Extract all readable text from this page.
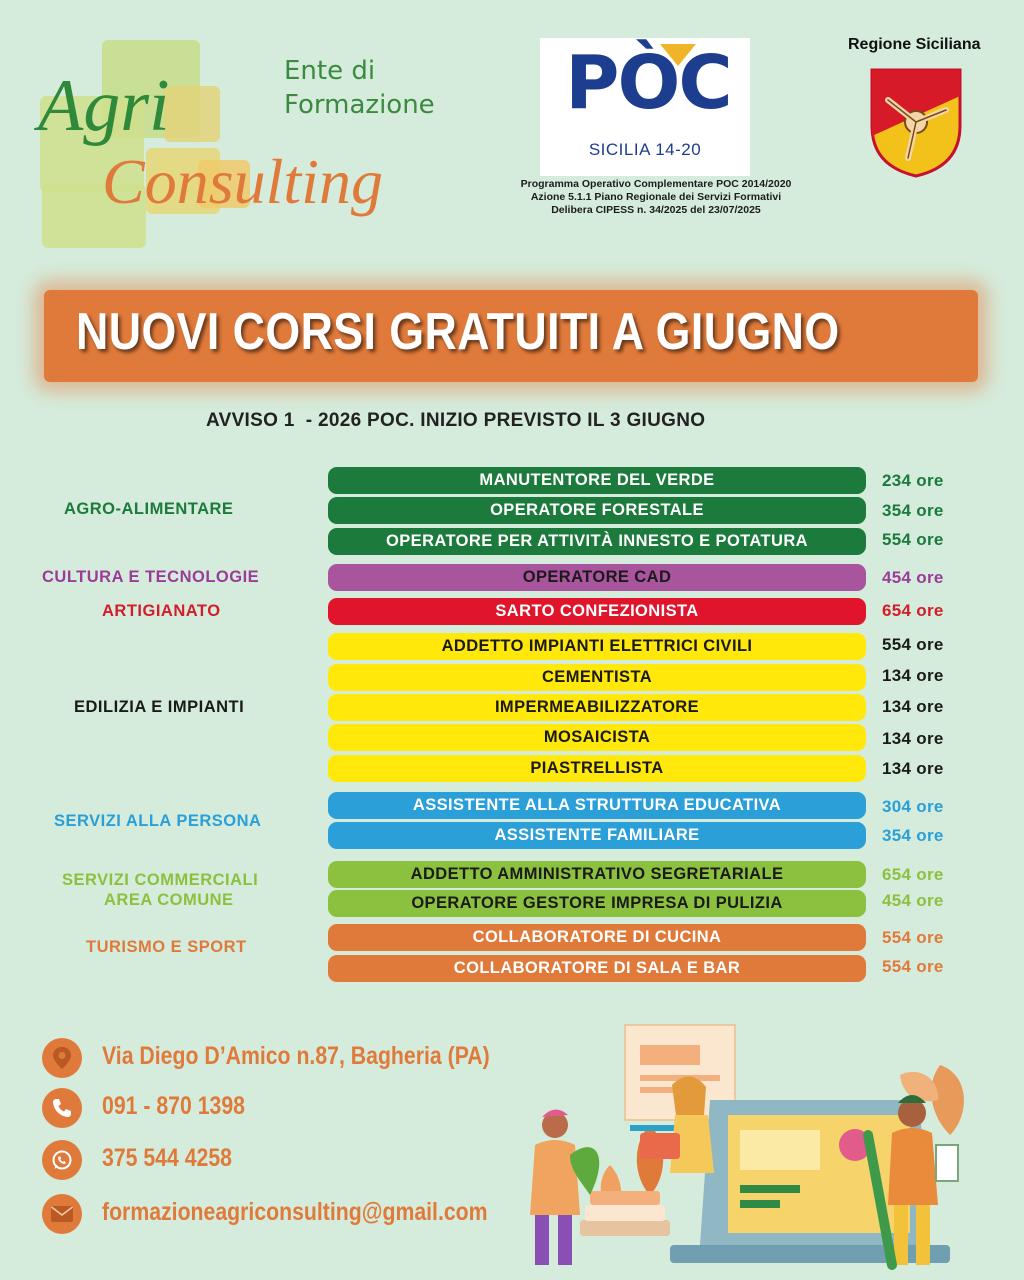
Agri
Consulting
Ente di
Formazione PÒC
SICILIA 14-20
Programma Operativo Complementare POC 2014/2020
Azione 5.1.1 Piano Regionale dei Servizi Formativi
Delibera CIPESS n. 34/2025 del 23/07/2025
Regione Siciliana
NUOVI CORSI GRATUITI A GIUGNO
AVVISO 1  - 2026 POC. INIZIO PREVISTO IL 3 GIUGNO
AGRO-ALIMENTARE
CULTURA E TECNOLOGIE
ARTIGIANATO
EDILIZIA E IMPIANTI
SERVIZI ALLA PERSONA
SERVIZI COMMERCIALI
AREA COMUNE
TURISMO E SPORT
MANUTENTORE DEL VERDE
OPERATORE FORESTALE
OPERATORE PER ATTIVITÀ INNESTO E POTATURA
OPERATORE CAD
SARTO CONFEZIONISTA
ADDETTO IMPIANTI ELETTRICI CIVILI
CEMENTISTA
IMPERMEABILIZZATORE
MOSAICISTA
PIASTRELLISTA
ASSISTENTE ALLA STRUTTURA EDUCATIVA
ASSISTENTE FAMILIARE
ADDETTO AMMINISTRATIVO SEGRETARIALE
OPERATORE GESTORE IMPRESA DI PULIZIA
COLLABORATORE DI CUCINA
COLLABORATORE DI SALA E BAR
234 ore
354 ore
554 ore
454 ore
654 ore
554 ore
134 ore
134 ore
134 ore
134 ore
304 ore
354 ore
654 ore
454 ore
554 ore
554 ore
Via Diego D’Amico n.87, Bagheria (PA)
091 - 870 1398
375 544 4258
formazioneagriconsulting@gmail.com
